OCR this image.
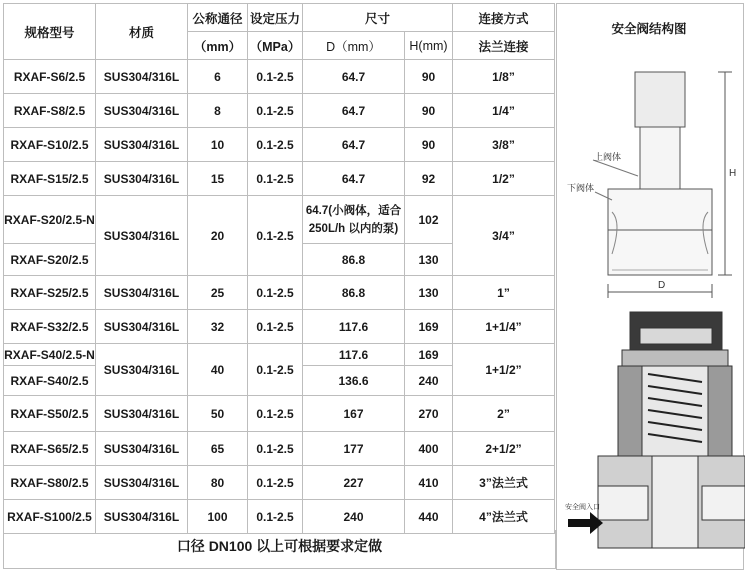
规格型号	材质	公称通径	设定压力	尺寸		连接方式
		（mm）	（MPa）	D（mm）	H(mm)	法兰连接
RXAF-S6/2.5	SUS304/316L	6	0.1-2.5	64.7	90	1/8”
RXAF-S8/2.5	SUS304/316L	8	0.1-2.5	64.7	90	1/4”
RXAF-S10/2.5	SUS304/316L	10	0.1-2.5	64.7	90	3/8”
RXAF-S15/2.5	SUS304/316L	15	0.1-2.5	64.7	92	1/2”
RXAF-S20/2.5-N	SUS304/316L	20	0.1-2.5	64.7(小阀体，适合250L/h 以内的泵)	102	3/4”
RXAF-S20/2.5				86.8	130	
RXAF-S25/2.5	SUS304/316L	25	0.1-2.5	86.8	130	1”
RXAF-S32/2.5	SUS304/316L	32	0.1-2.5	117.6	169	1+1/4”
RXAF-S40/2.5-N	SUS304/316L	40	0.1-2.5	117.6	169	1+1/2”
RXAF-S40/2.5				136.6	240	
RXAF-S50/2.5	SUS304/316L	50	0.1-2.5	167	270	2”
RXAF-S65/2.5	SUS304/316L	65	0.1-2.5	177	400	2+1/2”
RXAF-S80/2.5	SUS304/316L	80	0.1-2.5	227	410	3”法兰式
RXAF-S100/2.5	SUS304/316L	100	0.1-2.5	240	440	4”法兰式
口径 DN100 以上可根据要求定做
安全阀结构图
上阀体
下阀体
H
D
安全阀入口
